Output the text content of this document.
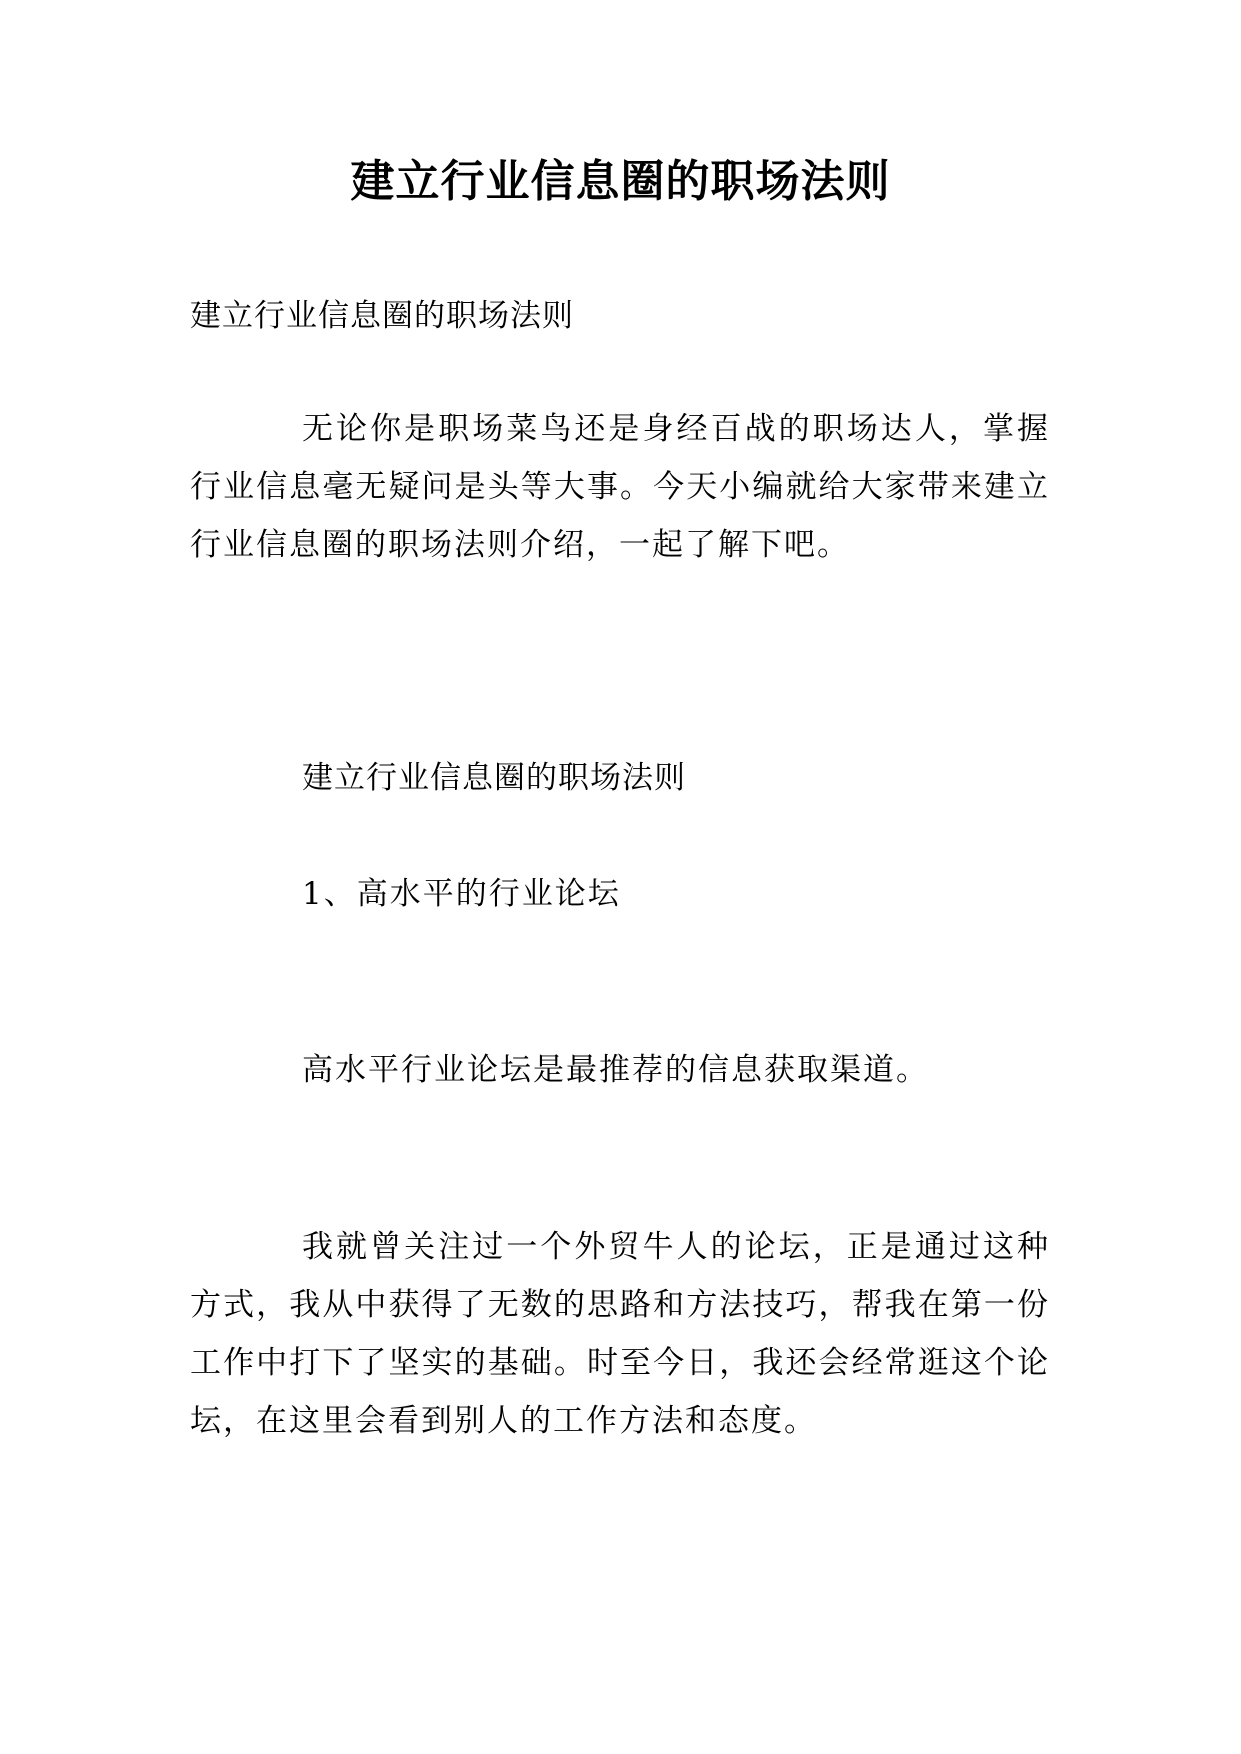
建立行业信息圈的职场法则
建立行业信息圈的职场法则
无论你是职场菜鸟还是身经百战的职场达人，掌握行业信息毫无疑问是头等大事。今天小编就给大家带来建立行业信息圈的职场法则介绍，一起了解下吧。
建立行业信息圈的职场法则
1、高水平的行业论坛
高水平行业论坛是最推荐的信息获取渠道。
我就曾关注过一个外贸牛人的论坛，正是通过这种方式，我从中获得了无数的思路和方法技巧，帮我在第一份工作中打下了坚实的基础。时至今日，我还会经常逛这个论坛，在这里会看到别人的工作方法和态度。
